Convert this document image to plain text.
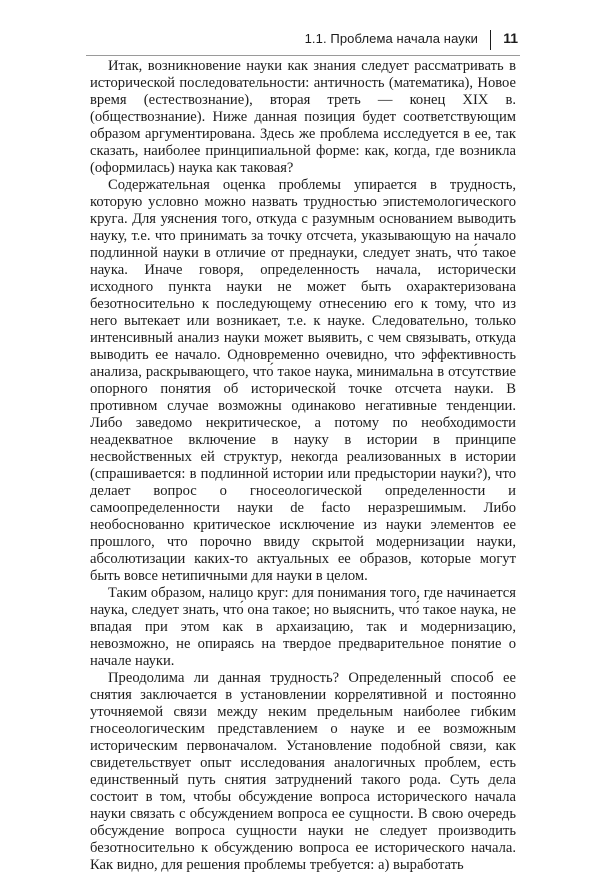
1.1. Проблема начала науки 11

Итак, возникновение науки как знания следует рассматривать в исторической последовательности: античность (математика), Новое время (естествознание), вторая треть — конец XIX в. (обществознание). Ниже данная позиция будет соответствующим образом аргументирована. Здесь же проблема исследуется в ее, так сказать, наиболее принципиальной форме: как, когда, где возникла (оформилась) наука как таковая?

Содержательная оценка проблемы упирается в трудность, которую условно можно назвать трудностью эпистемологического круга. Для уяснения того, откуда с разумным основанием выводить науку, т.е. что принимать за точку отсчета, указывающую на начало подлинной науки в отличие от преднауки, следует знать, что́ такое наука. Иначе говоря, определенность начала, исторически исходного пункта науки не может быть охарактеризована безотносительно к последующему отнесению его к тому, что из него вытекает или возникает, т.е. к науке. Следовательно, только интенсивный анализ науки может выявить, с чем связывать, откуда выводить ее начало. Одновременно очевидно, что эффективность анализа, раскрывающего, что́ такое наука, минимальна в отсутствие опорного понятия об исторической точке отсчета науки. В противном случае возможны одинаково негативные тенденции. Либо заведомо некритическое, а потому по необходимости неадекватное включение в науку в истории в принципе несвойственных ей структур, некогда реализованных в истории (спрашивается: в подлинной истории или предыстории науки?), что делает вопрос о гносеологической определенности и самоопределенности науки de facto неразрешимым. Либо необоснованно критическое исключение из науки элементов ее прошлого, что порочно ввиду скрытой модернизации науки, абсолютизации каких-то актуальных ее образов, которые могут быть вовсе нетипичными для науки в целом.

Таким образом, налицо круг: для понимания того, где начинается наука, следует знать, что́ она такое; но выяснить, что́ такое наука, не впадая при этом как в архаизацию, так и модернизацию, невозможно, не опираясь на твердое предварительное понятие о начале науки.

Преодолима ли данная трудность? Определенный способ ее снятия заключается в установлении коррелятивной и постоянно уточняемой связи между неким предельным наиболее гибким гносеологическим представлением о науке и ее возможным историческим первоначалом. Установление подобной связи, как свидетельствует опыт исследования аналогичных проблем, есть единственный путь снятия затруднений такого рода. Суть дела состоит в том, чтобы обсуждение вопроса исторического начала науки связать с обсуждением вопроса ее сущности. В свою очередь обсуждение вопроса сущности науки не следует производить безотносительно к обсуждению вопроса ее исторического начала. Как видно, для решения проблемы требуется: а) выработать
